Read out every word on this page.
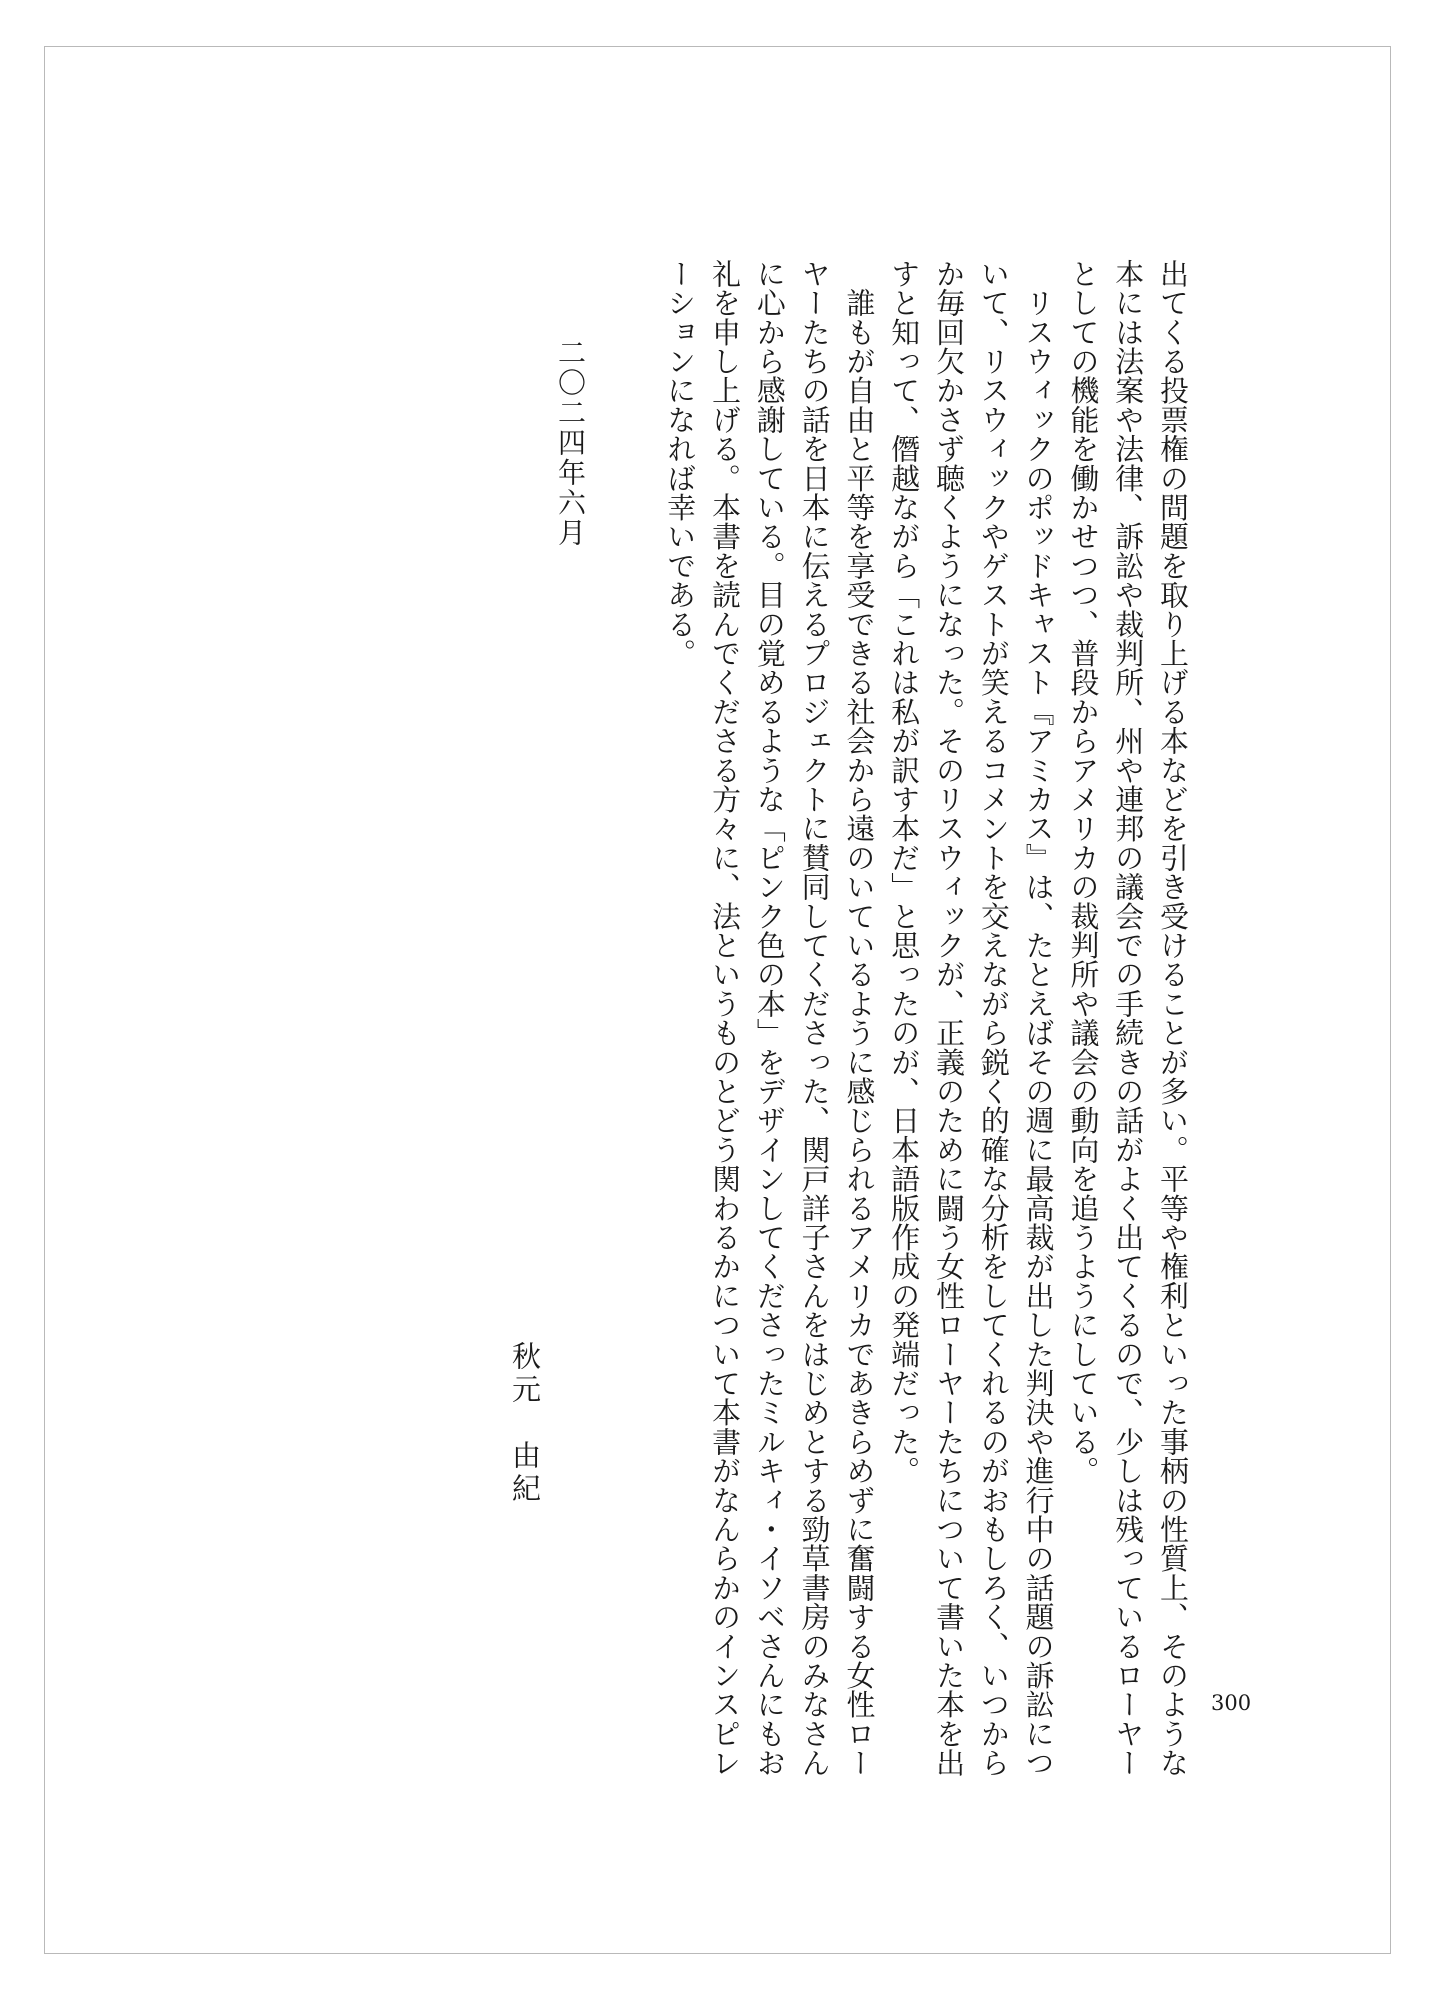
出てくる投票権の問題を取り上げる本などを引き受けることが多い。平等や権利といった事柄の性質上、そのような
本には法案や法律、訴訟や裁判所、州や連邦の議会での手続きの話がよく出てくるので、少しは残っているローヤー
としての機能を働かせつつ、普段からアメリカの裁判所や議会の動向を追うようにしている。
　リスウィックのポッドキャスト『アミカス』は、たとえばその週に最高裁が出した判決や進行中の話題の訴訟につ
いて、リスウィックやゲストが笑えるコメントを交えながら鋭く的確な分析をしてくれるのがおもしろく、いつから
か毎回欠かさず聴くようになった。そのリスウィックが、正義のために闘う女性ローヤーたちについて書いた本を出
すと知って、僭越ながら「これは私が訳す本だ」と思ったのが、日本語版作成の発端だった。
　誰もが自由と平等を享受できる社会から遠のいているように感じられるアメリカであきらめずに奮闘する女性ロー
ヤーたちの話を日本に伝えるプロジェクトに賛同してくださった、関戸詳子さんをはじめとする勁草書房のみなさん
に心から感謝している。目の覚めるような「ピンク色の本」をデザインしてくださったミルキィ・イソベさんにもお
礼を申し上げる。本書を読んでくださる方々に、法というものとどう関わるかについて本書がなんらかのインスピレ
ーションになれば幸いである。

二〇二四年六月

秋元　由紀

300
